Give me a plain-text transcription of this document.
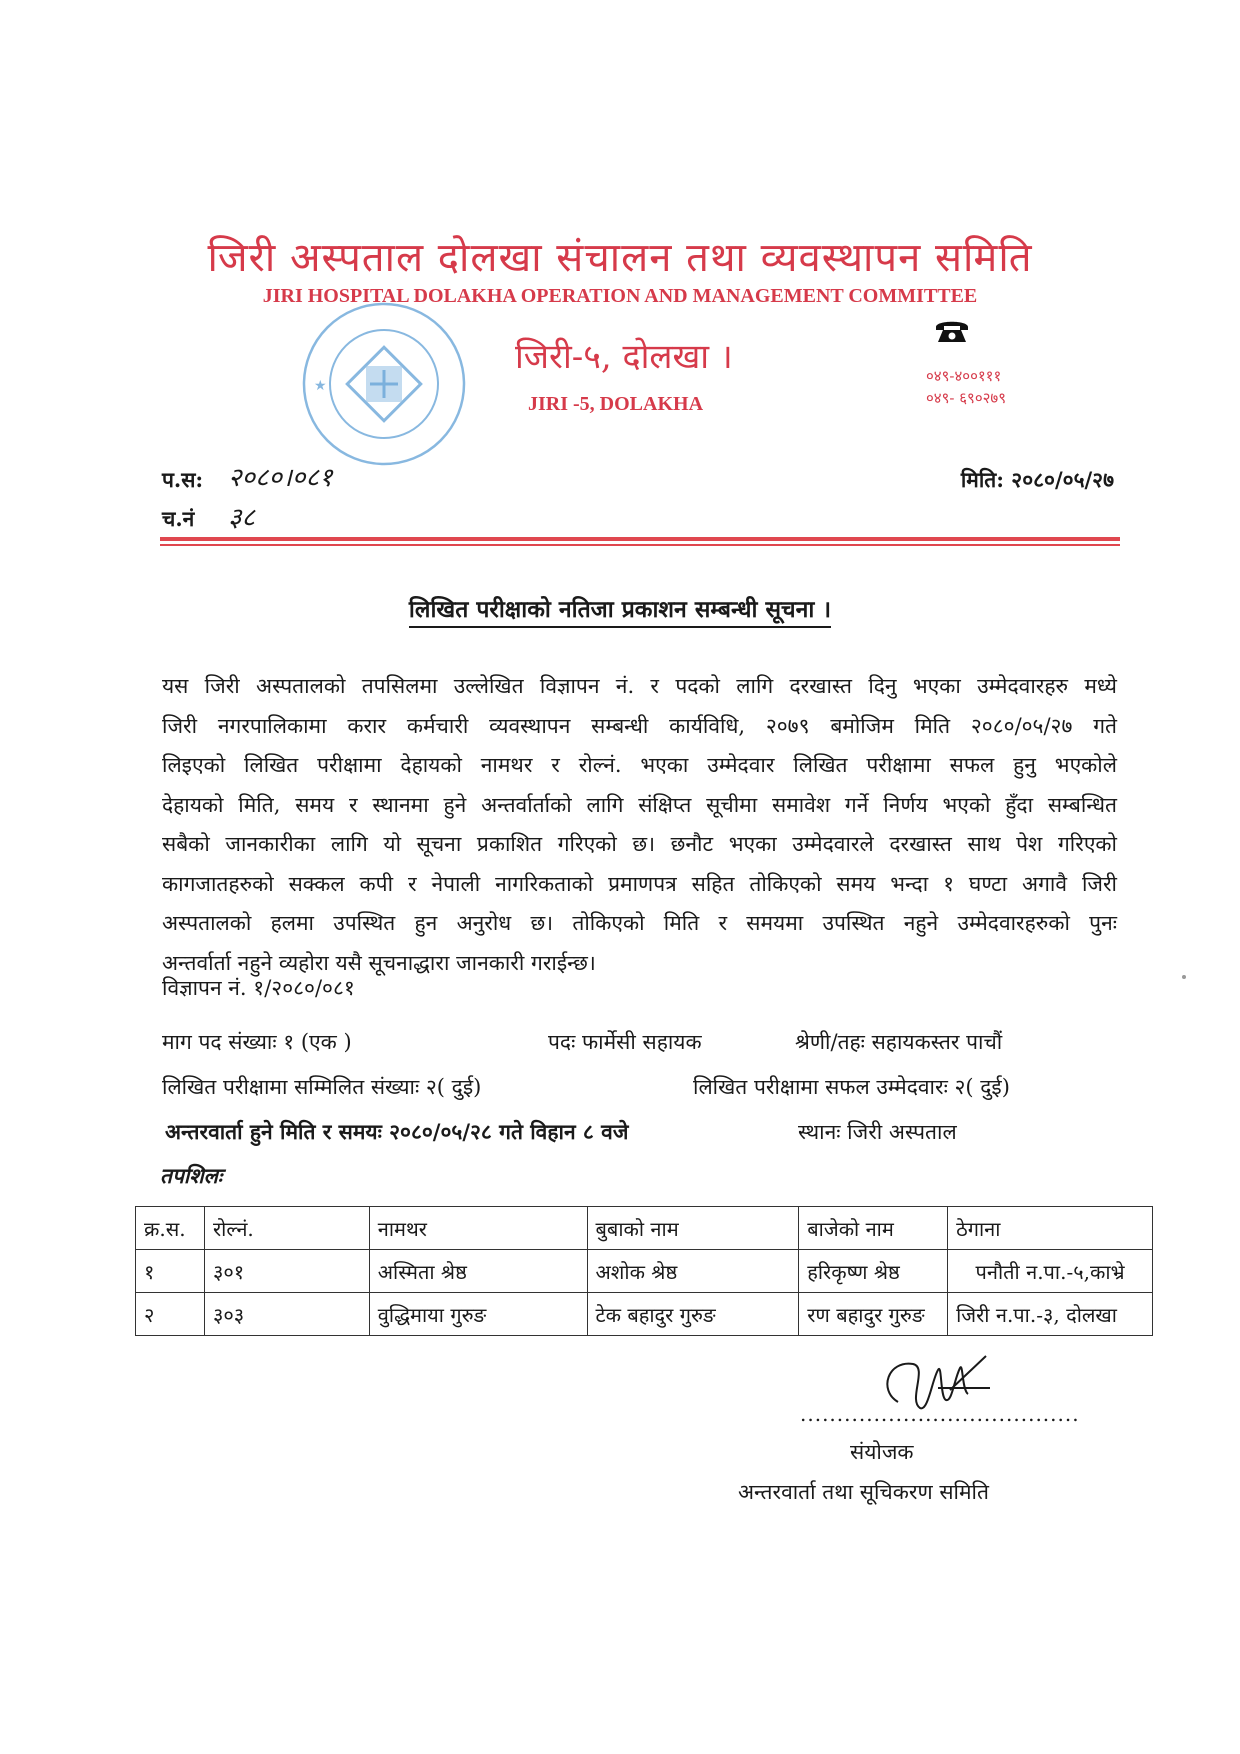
जिरी अस्पताल दोलखा संचालन तथा व्यवस्थापन समिति
JIRI HOSPITAL DOLAKHA OPERATION AND MANAGEMENT COMMITTEE
★
जिरी-५, दोलखा ।
JIRI -5, DOLAKHA
०४९-४००१११
०४९- ६९०२७९
प.स: २०८०।०८१
च.नं ३८
मिति: २०८०/०५/२७
लिखित परीक्षाको नतिजा प्रकाशन सम्बन्धी सूचना ।
यस जिरी अस्पतालको तपसिलमा उल्लेखित विज्ञापन नं. र पदको लागि दरखास्त दिनु भएका उम्मेदवारहरु मध्ये
जिरी नगरपालिकामा करार कर्मचारी व्यवस्थापन सम्बन्धी कार्यविधि, २०७९ बमोजिम मिति २०८०/०५/२७ गते
लिइएको लिखित परीक्षामा देहायको नामथर र रोल्नं. भएका उम्मेदवार लिखित परीक्षामा सफल हुनु भएकोले
देहायको मिति, समय र स्थानमा हुने अन्तर्वार्ताको लागि संक्षिप्त सूचीमा समावेश गर्ने निर्णय भएको हुँदा सम्बन्धित
सबैको जानकारीका लागि यो सूचना प्रकाशित गरिएको छ। छनौट भएका उम्मेदवारले दरखास्त साथ पेश गरिएको
कागजातहरुको सक्कल कपी र नेपाली नागरिकताको प्रमाणपत्र सहित तोकिएको समय भन्दा १ घण्टा अगावै जिरी
अस्पतालको हलमा उपस्थित हुन अनुरोध छ। तोकिएको मिति र समयमा उपस्थित नहुने उम्मेदवारहरुको पुनः
अन्तर्वार्ता नहुने व्यहोरा यसै सूचनाद्धारा जानकारी गराईन्छ।
विज्ञापन नं. १/२०८०/०८१
माग पद संख्याः १ (एक )	पदः फार्मेसी सहायक	श्रेणी/तहः सहायकस्तर पाचौं
लिखित परीक्षामा सम्मिलित संख्याः २( दुई)	लिखित परीक्षामा सफल उम्मेदवारः २( दुई)
अन्तरवार्ता हुने मिति र समयः २०८०/०५/२८ गते विहान ८ वजे	स्थानः जिरी अस्पताल
तपशिलः
क्र.स.	रोल्नं.	नामथर	बुबाको नाम	बाजेको नाम	ठेगाना
१	३०१	अस्मिता श्रेष्ठ	अशोक श्रेष्ठ	हरिकृष्ण श्रेष्ठ	पनौती न.पा.-५,काभ्रे
२	३०३	वुद्धिमाया गुरुङ	टेक बहादुर गुरुङ	रण बहादुर गुरुङ	जिरी न.पा.-३, दोलखा
......................................
संयोजक
अन्तरवार्ता तथा सूचिकरण समिति
